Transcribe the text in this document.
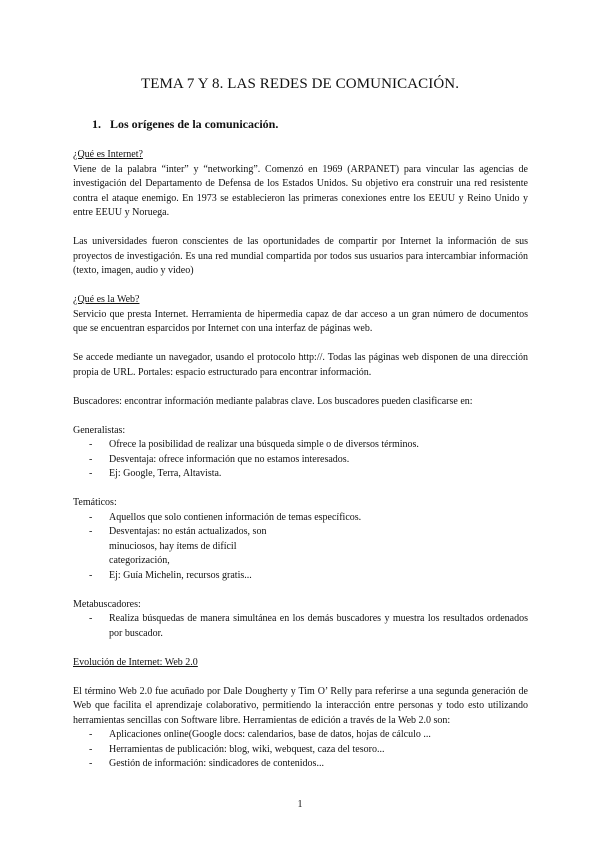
TEMA 7 Y 8. LAS REDES DE COMUNICACIÓN.
1. Los orígenes de la comunicación.

¿Qué es Internet?

Viene de la palabra “inter” y “networking”. Comenzó en 1969 (ARPANET) para vincular las agencias de investigación del Departamento de Defensa de los Estados Unidos. Su objetivo era construir una red resistente contra el ataque enemigo. En 1973 se establecieron las primeras conexiones entre los EEUU y Reino Unido y entre EEUU y Noruega.

Las universidades fueron conscientes de las oportunidades de compartir por Internet la información de sus proyectos de investigación. Es una red mundial compartida por todos sus usuarios para intercambiar información (texto, imagen, audio y video)

¿Qué es la Web?

Servicio que presta Internet. Herramienta de hipermedia capaz de dar acceso a un gran número de documentos que se encuentran esparcidos por Internet con una interfaz de páginas web.

Se accede mediante un navegador, usando el protocolo http://. Todas las páginas web disponen de una dirección propia de URL. Portales: espacio estructurado para encontrar información.

Buscadores: encontrar información mediante palabras clave. Los buscadores pueden clasificarse en:

Generalistas:

- Ofrece la posibilidad de realizar una búsqueda simple o de diversos términos.
- Desventaja: ofrece información que no estamos interesados.
- Ej: Google, Terra, Altavista.

Temáticos:

- Aquellos que solo contienen información de temas específicos.
- Desventajas: no están actualizados, son minuciosos, hay ítems de difícil categorización,
- Ej: Guía Michelin, recursos gratis...

Metabuscadores:

- Realiza búsquedas de manera simultánea en los demás buscadores y muestra los resultados ordenados por buscador.

Evolución de Internet: Web 2.0

El término Web 2.0 fue acuñado por Dale Dougherty y Tim O’ Relly para referirse a una segunda generación de Web que facilita el aprendizaje colaborativo, permitiendo la interacción entre personas y todo esto utilizando herramientas sencillas con Software libre. Herramientas de edición a través de la Web 2.0 son:

- Aplicaciones online(Google docs: calendarios, base de datos, hojas de cálculo ...
- Herramientas de publicación: blog, wiki, webquest, caza del tesoro...
- Gestión de información: sindicadores de contenidos...
1
